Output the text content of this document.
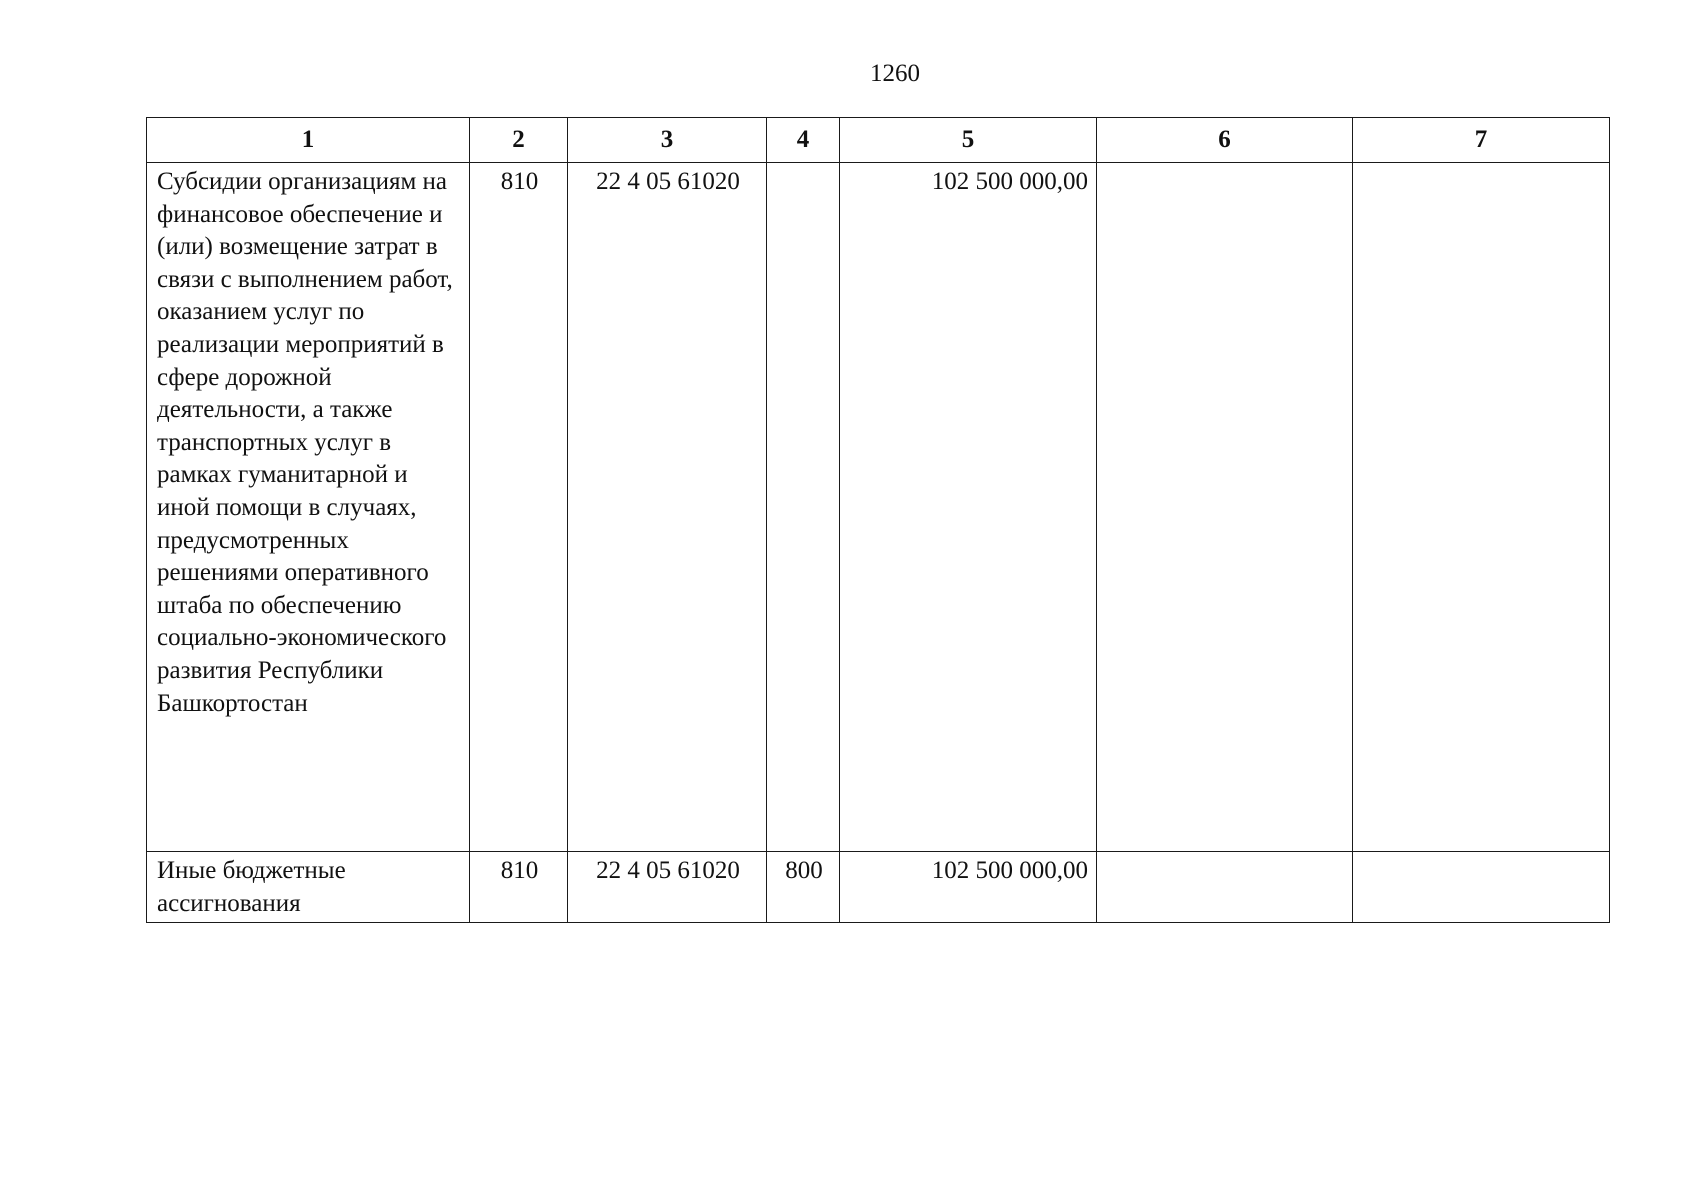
1260
1	2	3	4	5	6	7
Субсидии организациям на финансовое обеспечение и (или) возмещение затрат в связи с выполнением работ, оказанием услуг по реализации мероприятий в сфере дорожной деятельности, а также транспортных услуг в рамках гуманитарной и иной помощи в случаях, предусмотренных решениями оперативного штаба по обеспечению социально-экономического развития Республики Башкортостан	810	22 4 05 61020		102 500 000,00		
Иные бюджетные ассигнования	810	22 4 05 61020	800	102 500 000,00		
